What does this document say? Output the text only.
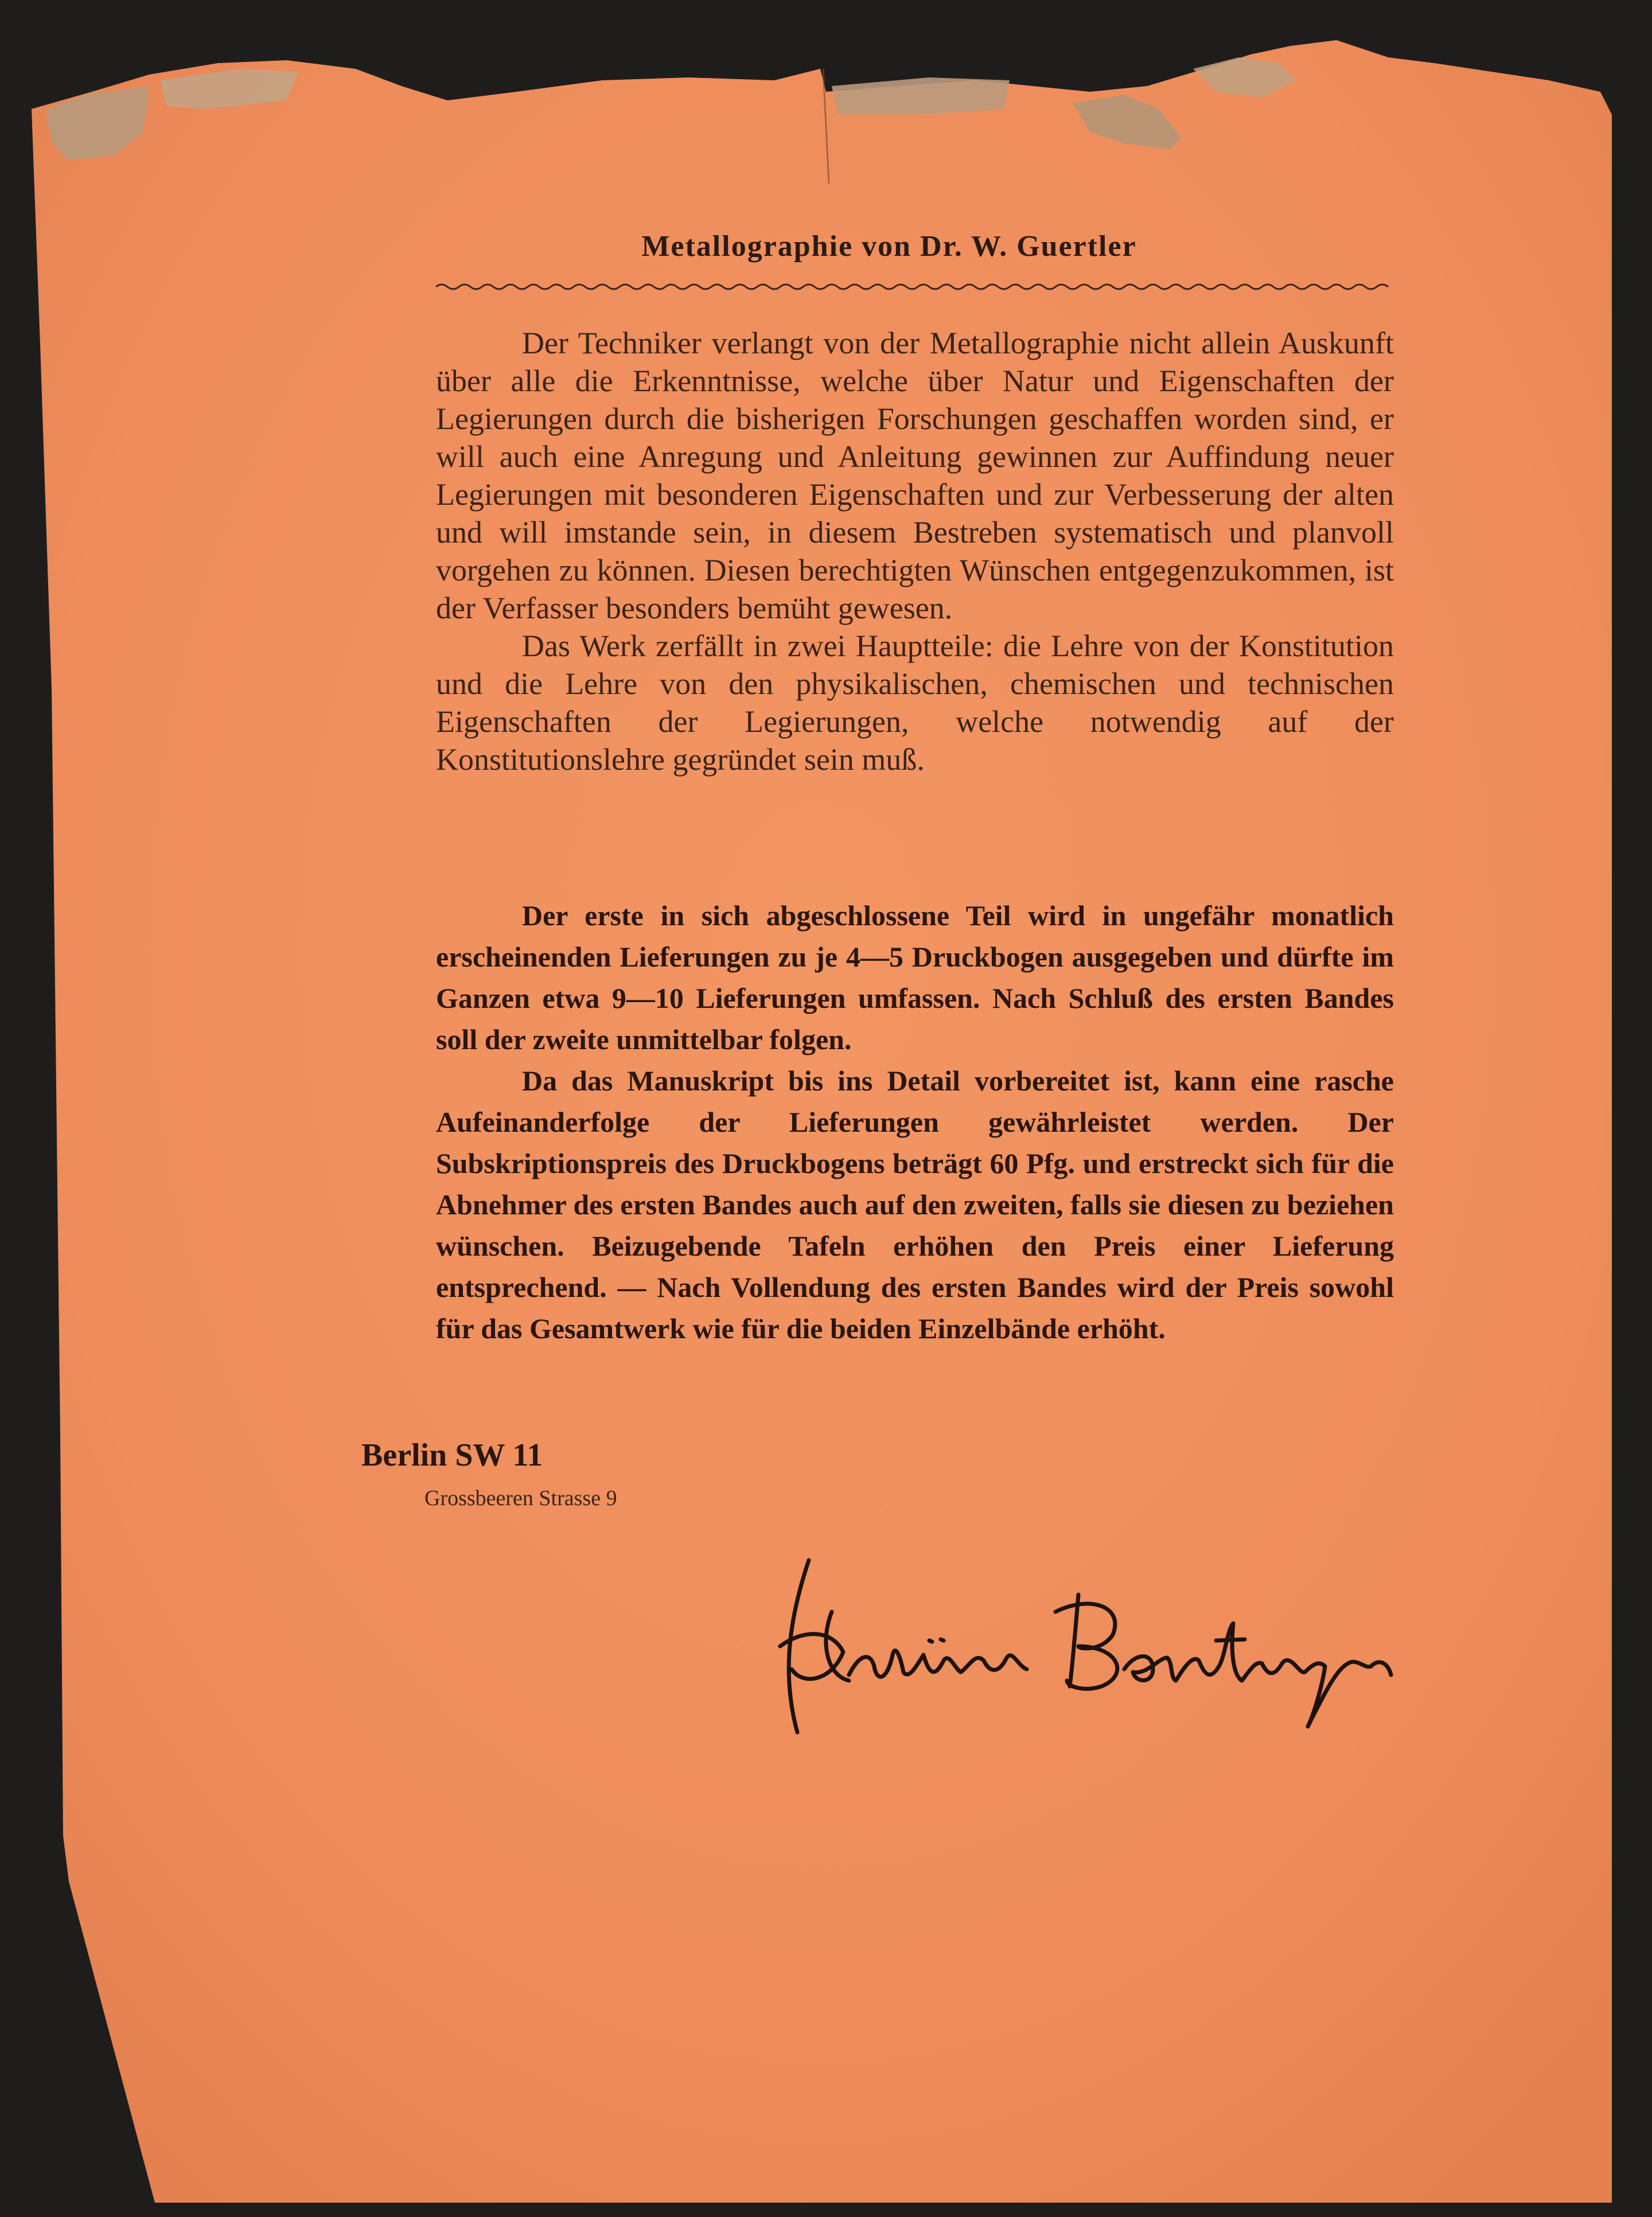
Metallographie von Dr. W. Guertler

Der Techniker verlangt von der Metallographie nicht allein Auskunft über alle die Erkenntnisse, welche über Natur und Eigenschaften der Legierungen durch die bisherigen Forschungen geschaffen worden sind, er will auch eine Anregung und Anleitung gewinnen zur Auffindung neuer Legierungen mit besonderen Eigenschaften und zur Verbesserung der alten und will imstande sein, in diesem Bestreben systematisch und planvoll vorgehen zu können. Diesen berechtigten Wünschen entgegenzukommen, ist der Verfasser besonders bemüht gewesen.

Das Werk zerfällt in zwei Hauptteile: die Lehre von der Konstitution und die Lehre von den physikalischen, chemischen und technischen Eigenschaften der Legierungen, welche notwendig auf der Konstitutionslehre gegründet sein muß.

Der erste in sich abgeschlossene Teil wird in ungefähr monatlich erscheinenden Lieferungen zu je 4—5 Druckbogen ausgegeben und dürfte im Ganzen etwa 9—10 Lieferungen umfassen. Nach Schluß des ersten Bandes soll der zweite unmittelbar folgen.

Da das Manuskript bis ins Detail vorbereitet ist, kann eine rasche Aufeinanderfolge der Lieferungen gewährleistet werden. Der Subskriptionspreis des Druckbogens beträgt 60 Pfg. und erstreckt sich für die Abnehmer des ersten Bandes auch auf den zweiten, falls sie diesen zu beziehen wünschen. Beizugebende Tafeln erhöhen den Preis einer Lieferung entsprechend. — Nach Vollendung des ersten Bandes wird der Preis sowohl für das Gesamtwerk wie für die beiden Einzelbände erhöht.

Berlin SW 11
Grossbeeren Strasse 9
